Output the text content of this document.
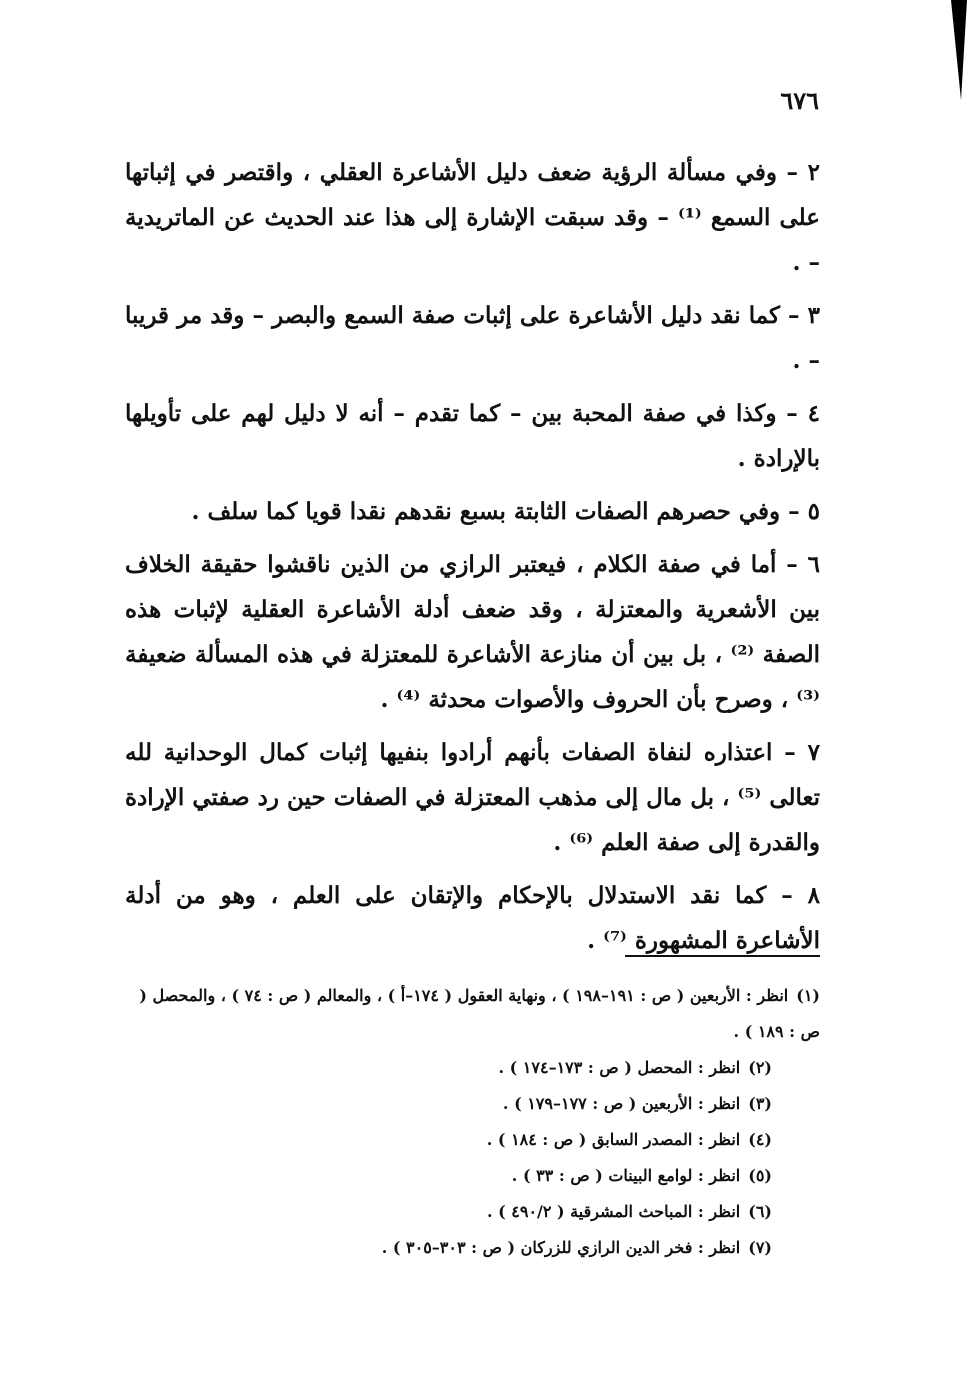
٦٧٦

٢ – وفي مسألة الرؤية ضعف دليل الأشاعرة العقلي ، واقتصر في إثباتها على السمع ⁽¹⁾ – وقد سبقت الإشارة إلى هذا عند الحديث عن الماتريدية – .

٣ – كما نقد دليل الأشاعرة على إثبات صفة السمع والبصر – وقد مر قريبا – .

٤ – وكذا في صفة المحبة بين – كما تقدم – أنه لا دليل لهم على تأويلها بالإرادة .

٥ – وفي حصرهم الصفات الثابتة بسبع نقدهم نقدا قويا كما سلف .

٦ – أما في صفة الكلام ، فيعتبر الرازي من الذين ناقشوا حقيقة الخلاف بين الأشعرية والمعتزلة ، وقد ضعف أدلة الأشاعرة العقلية لإثبات هذه الصفة ⁽²⁾ ، بل بين أن منازعة الأشاعرة للمعتزلة في هذه المسألة ضعيفة ⁽³⁾ ، وصرح بأن الحروف والأصوات محدثة ⁽⁴⁾ .

٧ – اعتذاره لنفاة الصفات بأنهم أرادوا بنفيها إثبات كمال الوحدانية لله تعالى ⁽⁵⁾ ، بل مال إلى مذهب المعتزلة في الصفات حين رد صفتي الإرادة والقدرة إلى صفة العلم ⁽⁶⁾ .

٨ – كما نقد الاستدلال بالإحكام والإتقان على العلم ، وهو من أدلة الأشاعرة المشهورة ⁽⁷⁾ .

(١)انظر : الأربعين ( ص : ١٩١–١٩٨ ) ، ونهاية العقول ( ١٧٤–أ ) ، والمعالم ( ص : ٧٤ ) ، والمحصل ( ص : ١٨٩ ) .

(٢)انظر : المحصل ( ص : ١٧٣–١٧٤ ) .

(٣)انظر : الأربعين ( ص : ١٧٧–١٧٩ ) .

(٤)انظر : المصدر السابق ( ص : ١٨٤ ) .

(٥)انظر : لوامع البينات ( ص : ٣٣ ) .

(٦)انظر : المباحث المشرقية ( ٤٩٠/٢ ) .

(٧)انظر : فخر الدين الرازي للزركان ( ص : ٣٠٣–٣٠٥ ) .
